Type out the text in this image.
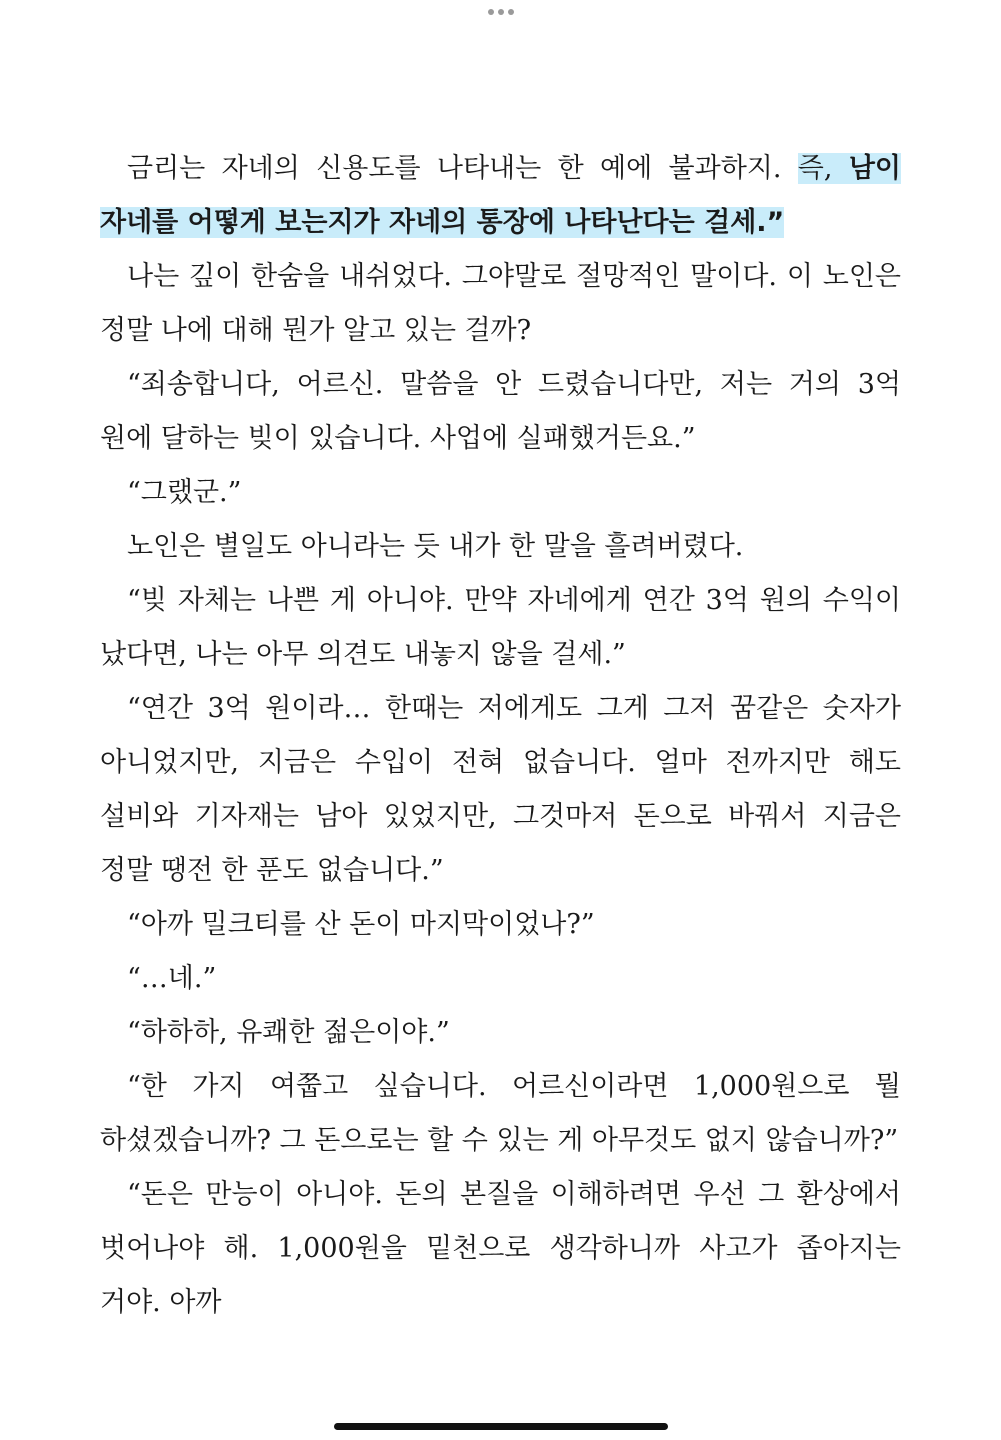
금리는 자네의 신용도를 나타내는 한 예에 불과하지. 즉, 남이 자네를 어떻게 보는지가 자네의 통장에 나타난다는 걸세.”

나는 깊이 한숨을 내쉬었다. 그야말로 절망적인 말이다. 이 노인은 정말 나에 대해 뭔가 알고 있는 걸까?

“죄송합니다, 어르신. 말씀을 안 드렸습니다만, 저는 거의 3억 원에 달하는 빚이 있습니다. 사업에 실패했거든요.”

“그랬군.”

노인은 별일도 아니라는 듯 내가 한 말을 흘려버렸다.

“빚 자체는 나쁜 게 아니야. 만약 자네에게 연간 3억 원의 수익이 났다면, 나는 아무 의견도 내놓지 않을 걸세.”

“연간 3억 원이라… 한때는 저에게도 그게 그저 꿈같은 숫자가 아니었지만, 지금은 수입이 전혀 없습니다. 얼마 전까지만 해도 설비와 기자재는 남아 있었지만, 그것마저 돈으로 바꿔서 지금은 정말 땡전 한 푼도 없습니다.”

“아까 밀크티를 산 돈이 마지막이었나?”

“…네.”

“하하하, 유쾌한 젊은이야.”

“한 가지 여쭙고 싶습니다. 어르신이라면 1,000원으로 뭘 하셨겠습니까? 그 돈으로는 할 수 있는 게 아무것도 없지 않습니까?”

“돈은 만능이 아니야. 돈의 본질을 이해하려면 우선 그 환상에서 벗어나야 해. 1,000원을 밑천으로 생각하니까 사고가 좁아지는 거야. 아까
